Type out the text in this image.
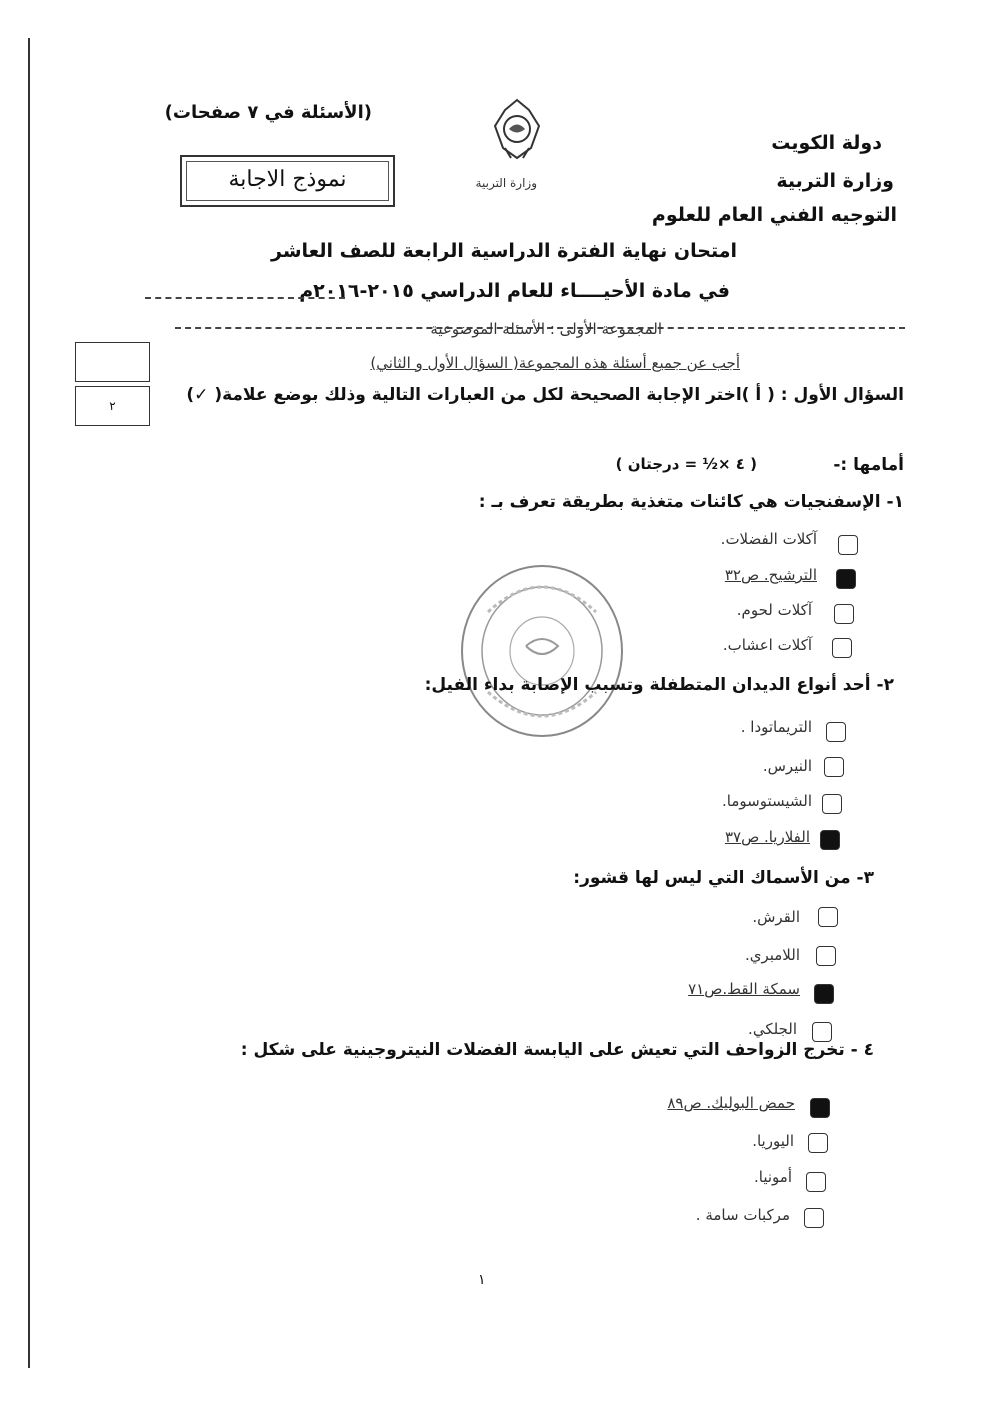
(الأسئلة في ٧ صفحات)
دولة الكويت
وزارة التربية
التوجيه الفني العام للعلوم
وزارة التربية
نموذج الاجابة
امتحان نهاية الفترة الدراسية الرابعة للصف العاشر
في مادة الأحيــــاء للعام الدراسي ٢٠١٥-٢٠١٦م
المجموعة الأولى : الأسئلة الموضوعية
أجب عن جميع أسئلة هذه المجموعة( السؤال الأول و الثاني)
٢
السؤال الأول : ( أ )اختر الإجابة الصحيحة لكل من العبارات التالية وذلك بوضع علامة( ✓)
أمامها :-
( ٤ ×½ = درجتان )
١- الإسفنجيات هي كائنات متغذية بطريقة تعرف بـ :
آكلات الفضلات.
الترشيح. ص٣٢
آكلات لحوم.
آكلات اعشاب.
٢- أحد أنواع الديدان المتطفلة وتسبب الإصابة بداء الفيل:
التريماتودا .
النيرس.
الشيستوسوما.
الفلاريا. ص٣٧
٣- من الأسماك التي ليس لها قشور:
القرش.
اللامبري.
سمكة القط.ص٧١
الجلكي.
٤ - تخرج الزواحف التي تعيش على اليابسة الفضلات النيتروجينية على شكل :
حمض البوليك. ص٨٩
اليوريا.
أمونيا.
مركبات سامة .
١
